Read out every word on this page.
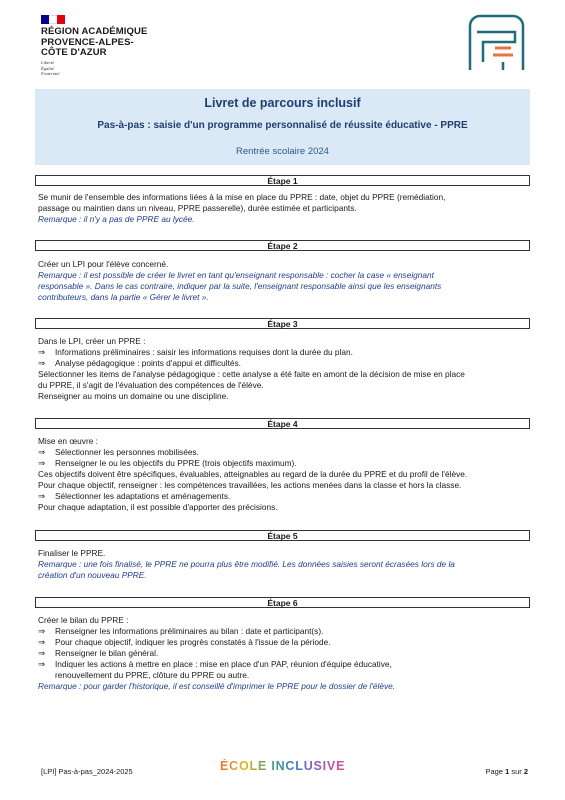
RÉGION ACADÉMIQUE
PROVENCE-ALPES-
CÔTE D'AZUR
Liberté
Égalité
Fraternité
Livret de parcours inclusif
Pas-à-pas : saisie d'un programme personnalisé de réussite éducative - PPRE
Rentrée scolaire 2024
Étape 1

Se munir de l'ensemble des informations liées à la mise en place du PPRE : date, objet du PPRE (remédiation,

passage ou maintien dans un niveau, PPRE passerelle), durée estimée et participants.

Remarque : il n'y a pas de PPRE au lycée.

Étape 2

Créer un LPI pour l'élève concerné.

Remarque : il est possible de créer le livret en tant qu'enseignant responsable : cocher la case « enseignant

responsable ». Dans le cas contraire, indiquer par la suite, l'enseignant responsable ainsi que les enseignants

contributeurs, dans la partie « Gérer le livret ».

Étape 3

Dans le LPI, créer un PPRE :

⇒ Informations préliminaires : saisir les informations requises dont la durée du plan.

⇒ Analyse pédagogique : points d'appui et difficultés.

Sélectionner les items de l'analyse pédagogique : cette analyse a été faite en amont de la décision de mise en place

du PPRE, il s'agit de l'évaluation des compétences de l'élève.

Renseigner au moins un domaine ou une discipline.

Étape 4

Mise en œuvre :

⇒ Sélectionner les personnes mobilisées.

⇒ Renseigner le ou les objectifs du PPRE (trois objectifs maximum).

Ces objectifs doivent être spécifiques, évaluables, atteignables au regard de la durée du PPRE et du profil de l'élève.

Pour chaque objectif, renseigner : les compétences travaillées, les actions menées dans la classe et hors la classe.

⇒ Sélectionner les adaptations et aménagements.

Pour chaque adaptation, il est possible d'apporter des précisions.

Étape 5

Finaliser le PPRE.

Remarque : une fois finalisé, le PPRE ne pourra plus être modifié. Les données saisies seront écrasées lors de la

création d'un nouveau PPRE.

Étape 6

Créer le bilan du PPRE :

⇒ Renseigner les informations préliminaires au bilan : date et participant(s).

⇒ Pour chaque objectif, indiquer les progrès constatés à l'issue de la période.

⇒ Renseigner le bilan général.

⇒ Indiquer les actions à mettre en place : mise en place d'un PAP, réunion d'équipe éducative,
renouvellement du PPRE, clôture du PPRE ou autre.

Remarque : pour garder l'historique, il est conseillé d'imprimer le PPRE pour le dossier de l'élève.

[LPI] Pas-à-pas_2024-2025	ÉCOLE INCLUSIVE	Page 1 sur 2
